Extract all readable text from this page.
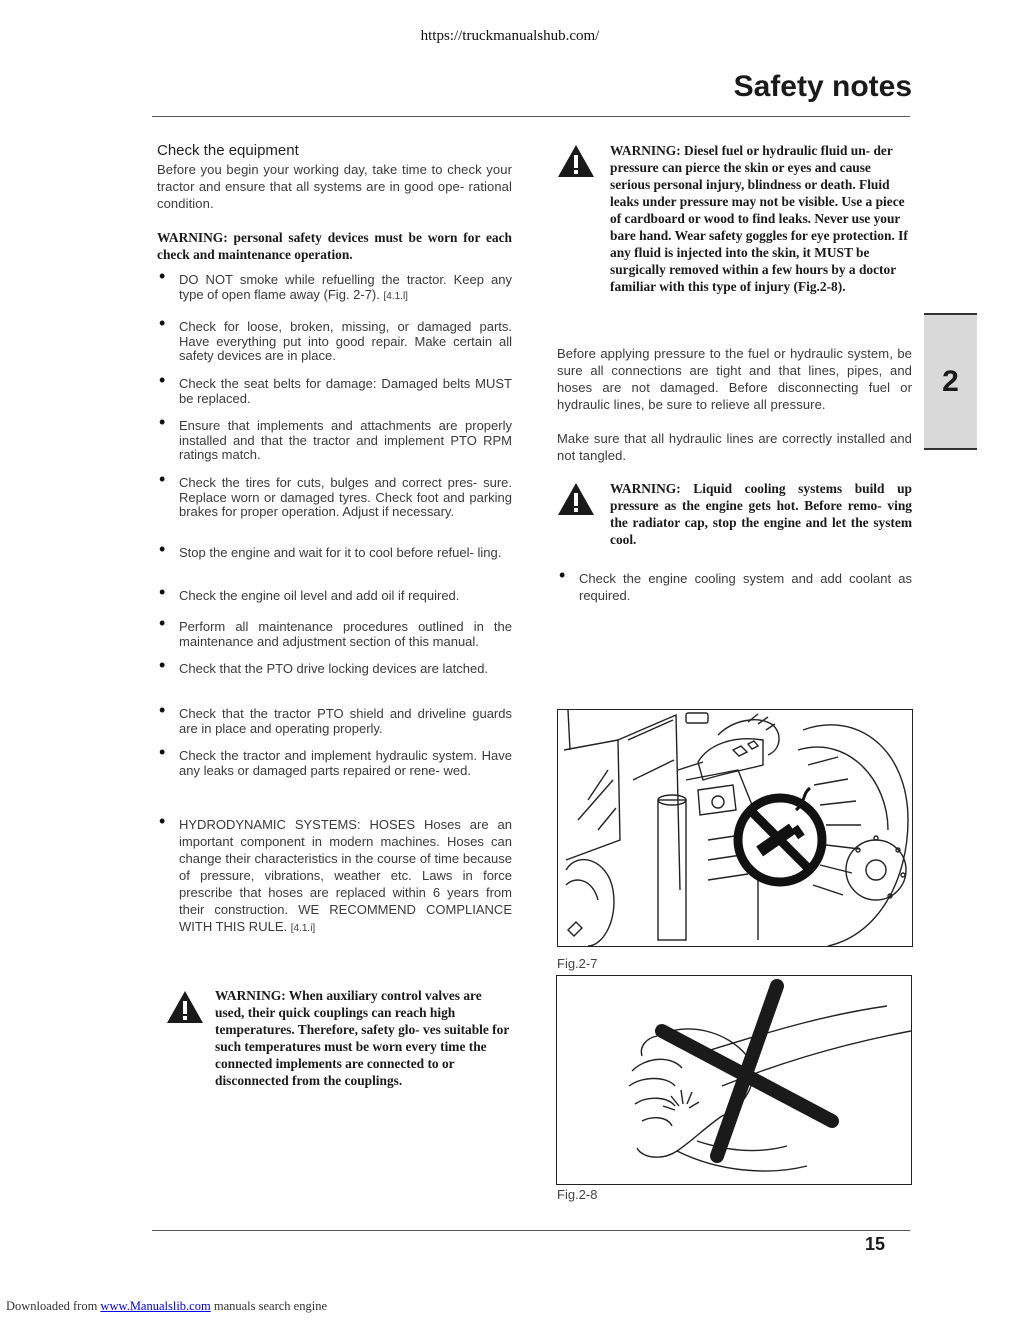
https://truckmanualshub.com/
Safety notes
2

Check the equipment

Before you begin your working day, take time to check your tractor and ensure that all systems are in good ope- rational condition.

WARNING: personal safety devices must be worn for each check and maintenance operation.

• DO NOT smoke while refuelling the tractor. Keep any type of open flame away (Fig. 2-7). [4.1.l]
• Check for loose, broken, missing, or damaged parts. Have everything put into good repair. Make certain all safety devices are in place.
• Check the seat belts for damage: Damaged belts MUST be replaced.
• Ensure that implements and attachments are properly installed and that the tractor and implement PTO RPM ratings match.
• Check the tires for cuts, bulges and correct pres- sure. Replace worn or damaged tyres. Check foot and parking brakes for proper operation. Adjust if necessary.
• Stop the engine and wait for it to cool before refuel- ling.
• Check the engine oil level and add oil if required.
• Perform all maintenance procedures outlined in the maintenance and adjustment section of this manual.
• Check that the PTO drive locking devices are latched.
• Check that the tractor PTO shield and driveline guards are in place and operating properly.
• Check the tractor and implement hydraulic system. Have any leaks or damaged parts repaired or rene- wed.
• HYDRODYNAMIC SYSTEMS: HOSES Hoses are an important component in modern machines. Hoses can change their characteristics in the course of time because of pressure, vibrations, weather etc. Laws in force prescribe that hoses are replaced within 6 years from their construction. WE RECOMMEND COMPLIANCE WITH THIS RULE. [4.1.i]

WARNING: When auxiliary control valves are used, their quick couplings can reach high temperatures. Therefore, safety glo- ves suitable for such temperatures must be worn every time the connected implements are connected to or disconnected from the couplings.

WARNING: Diesel fuel or hydraulic fluid un- der pressure can pierce the skin or eyes and cause serious personal injury, blindness or death. Fluid leaks under pressure may not be visible. Use a piece of cardboard or wood to find leaks. Never use your bare hand. Wear safety goggles for eye protection. If any fluid is injected into the skin, it MUST be surgically removed within a few hours by a doctor familiar with this type of injury (Fig.2-8).

Before applying pressure to the fuel or hydraulic system, be sure all connections are tight and that lines, pipes, and hoses are not damaged. Before disconnecting fuel or hydraulic lines, be sure to relieve all pressure.

Make sure that all hydraulic lines are correctly installed and not tangled.

WARNING: Liquid cooling systems build up pressure as the engine gets hot. Before remo- ving the radiator cap, stop the engine and let the system cool.

• Check the engine cooling system and add coolant as required.
Fig.2-7
Fig.2-8
15
Downloaded from www.Manualslib.com manuals search engine
